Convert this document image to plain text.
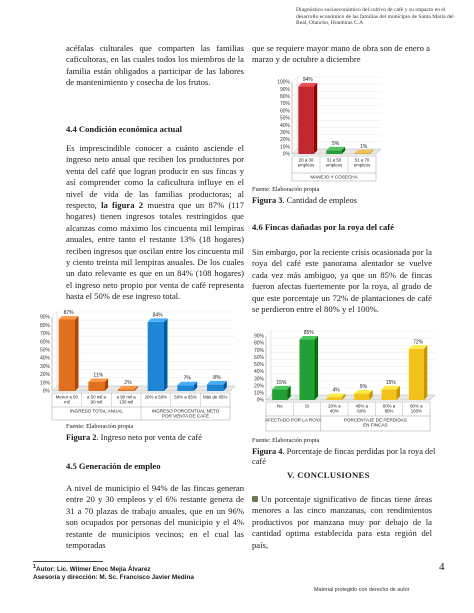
Diagnóstico socioeconómico del cultivo de café y su impacto en el desarrollo económico de las familias del municipio de Santa María del Real, Olancho, Honduras C.A
acéfalas culturales que comparten las familias caficultoras, en las cuales todos los miembros de la familia están obligados a participar de las labores de mantenimiento y cosecha de los frutos.
4.4 Condición económica actual
Es imprescindible conocer a cuánto asciende el ingreso neto anual que reciben los productores por venta del café que logran producir en sus fincas y así comprender como la caficultura influye en el nivel de vida de las familias productoras; al respecto, la figura 2 muestra que un 87% (117 hogares) tienen ingresos totales restringidos que alcanzas como máximo los cincuenta mil lempiras anuales, entre tanto el restante 13% (18 hogares) reciben ingresos que oscilan entre los cincuenta mil y ciento treinta mil lempiras anuales. De los cuales un dato relevante es que en un 84% (108 hogares) el ingreso neto propio por venta de café representa hasta el 50% de ese ingreso total.
0%
10%
20%
30%
40%
50%
60%
70%
80%
90%
87%
11%
2%
84%
7%	8%
Menor a 50 mil
a 50 mil a 90 mil
a 90 mil a 130 mil
20% a 50% 50% a 65% Más de 65%
INGRESO TOTAL ANUAL	INGRESO PORCENTUAL NETO POR VENTA DE CAFÉ
Fuente: Elaboración propia
Figura 2. Ingreso neto por venta de café
4.5 Generación de empleo
A nivel de municipio el 94% de las fincas generan entre 20 y 30 empleos y el 6% restante genera de 31 a 70 plazas de trabajo anuales, que en un 96% son ocupados por personas del municipio y el 4% restante de municipios vecinos; en el cual las temporadas
que se requiere mayor mano de obra son de enero a marzo y de octubre a diciembre
0%
10%
20%
30%
40%
50%
60%
70%
80%
90%
100%	94%
5%	1%
20 a 30 empleos
31 a 50 empleos
51 a 70 empleos
MANEJO Y COSECHA
Fuente: Elaboración propia
Figura 3. Cantidad de empleos
4.6 Fincas dañadas por la roya del café
Sin embargo, por la reciente crisis ocasionada por la roya del café este panorama alentador se vuelve cada vez más ambiguo, ya que un 85% de fincas fueron afectas fuertemente por la roya, al grado de que este porcentaje un 72% de plantaciones de café se perdieron entre el 80% y el 100%.
0%
10%
20%
30%
40%
50%
60%
70%
80%
90%
15%
85%
4%
9%
15%
72%
No	Si	20% a 40%
40% a 60%
60% a 80%
80% a 100%
AFECTADO POR LA ROYA	PORCENTAJE DE PERDIDAS EN FINCAS
Fuente: Elaboración propia
Figura 4. Porcentaje de fincas perdidas por la roya del café
V. CONCLUSIONES
Un porcentaje significativo de fincas tiene áreas menores a las cinco manzanas, con rendimientos productivos por manzana muy por debajo de la cantidad optima establecida para esta región del país,
$^1$Autor: Lic. Wilmer Enoc Mejía Álvarez
Asesoría y dirección: M. Sc. Francisco Javier Medina
4
Material protegido con derecho de autor
